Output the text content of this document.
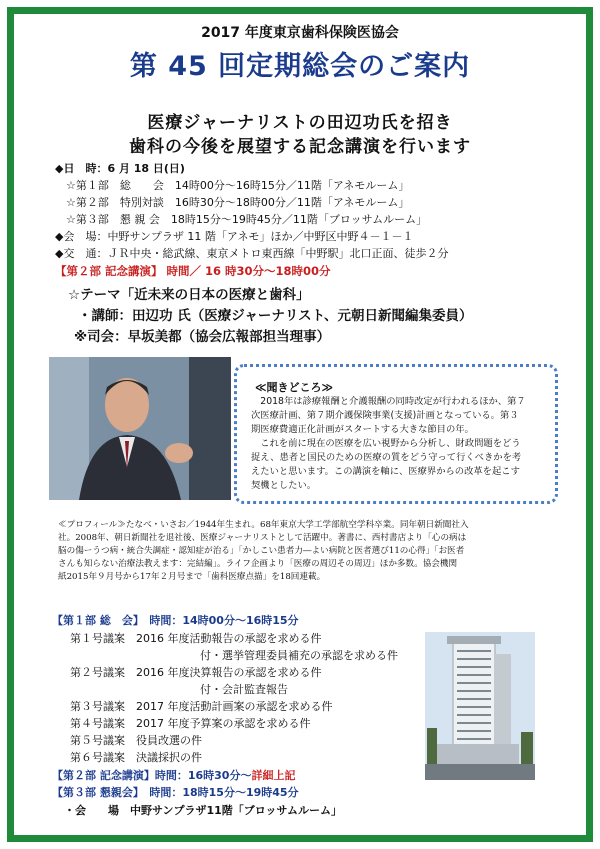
2017 年度東京歯科保険医協会
第 45 回定期総会のご案内
医療ジャーナリストの田辺功氏を招き
歯科の今後を展望する記念講演を行います
◆日　時：6 月 18 日(日)
☆第１部　総　　会　14時00分～16時15分／11階「アネモルーム」
☆第２部　特別対談　16時30分～18時00分／11階「アネモルーム」
☆第３部　懇 親 会　18時15分～19時45分／11階「ブロッサムルーム」
◆会　場：中野サンプラザ 11 階「アネモ」ほか／中野区中野４－１－１
◆交　通：ＪＲ中央・総武線、東京メトロ東西線「中野駅」北口正面、徒歩２分
【第２部 記念講演】 時間／ 16 時30分～18時00分
☆テーマ「近未来の日本の医療と歯科」
・講師：田辺功 氏（医療ジャーナリスト、元朝日新聞編集委員）
※司会：早坂美都（協会広報部担当理事）
≪聞きどころ≫
　2018年は診療報酬と介護報酬の同時改定が行われるほか、第７
次医療計画、第７期介護保険事業(支援)計画となっている。第３
期医療費適正化計画がスタートする大きな節目の年。
　これを前に現在の医療を広い視野から分析し、財政問題をどう
捉え、患者と国民のための医療の質をどう守って行くべきかを考
えたいと思います。この講演を軸に、医療界からの改革を起こす
契機としたい。
≪プロフィール≫たなべ・いさお／1944年生まれ。68年東京大学工学部航空学科卒業。同年朝日新聞社入
社。2008年、朝日新聞社を退社後、医療ジャーナリストとして活躍中。著書に、西村書店より「心の病は
脳の傷ーうつ病・統合失調症・認知症が治る」「かしこい患者力―よい病院と医者選び11の心得」「お医者
さんも知らない治療法教えます：完結編」。ライフ企画より「医療の周辺その周辺」ほか多数。協会機関
紙2015年９月号から17年２月号まで「歯科医療点描」を18回連載。
【第１部 総　会】　時間：14時00分～16時15分
第１号議案　2016 年度活動報告の承認を求める件
付・選挙管理委員補充の承認を求める件
第２号議案　2016 年度決算報告の承認を求める件
付・会計監査報告
第３号議案　2017 年度活動計画案の承認を求める件
第４号議案　2017 年度予算案の承認を求める件
第５号議案　役員改選の件
第６号議案　決議採択の件
【第２部 記念講演】時間：16時30分～詳細上記
【第３部 懇親会】　時間：18時15分～19時45分
・会　　場　中野サンプラザ11階「ブロッサムルーム」
